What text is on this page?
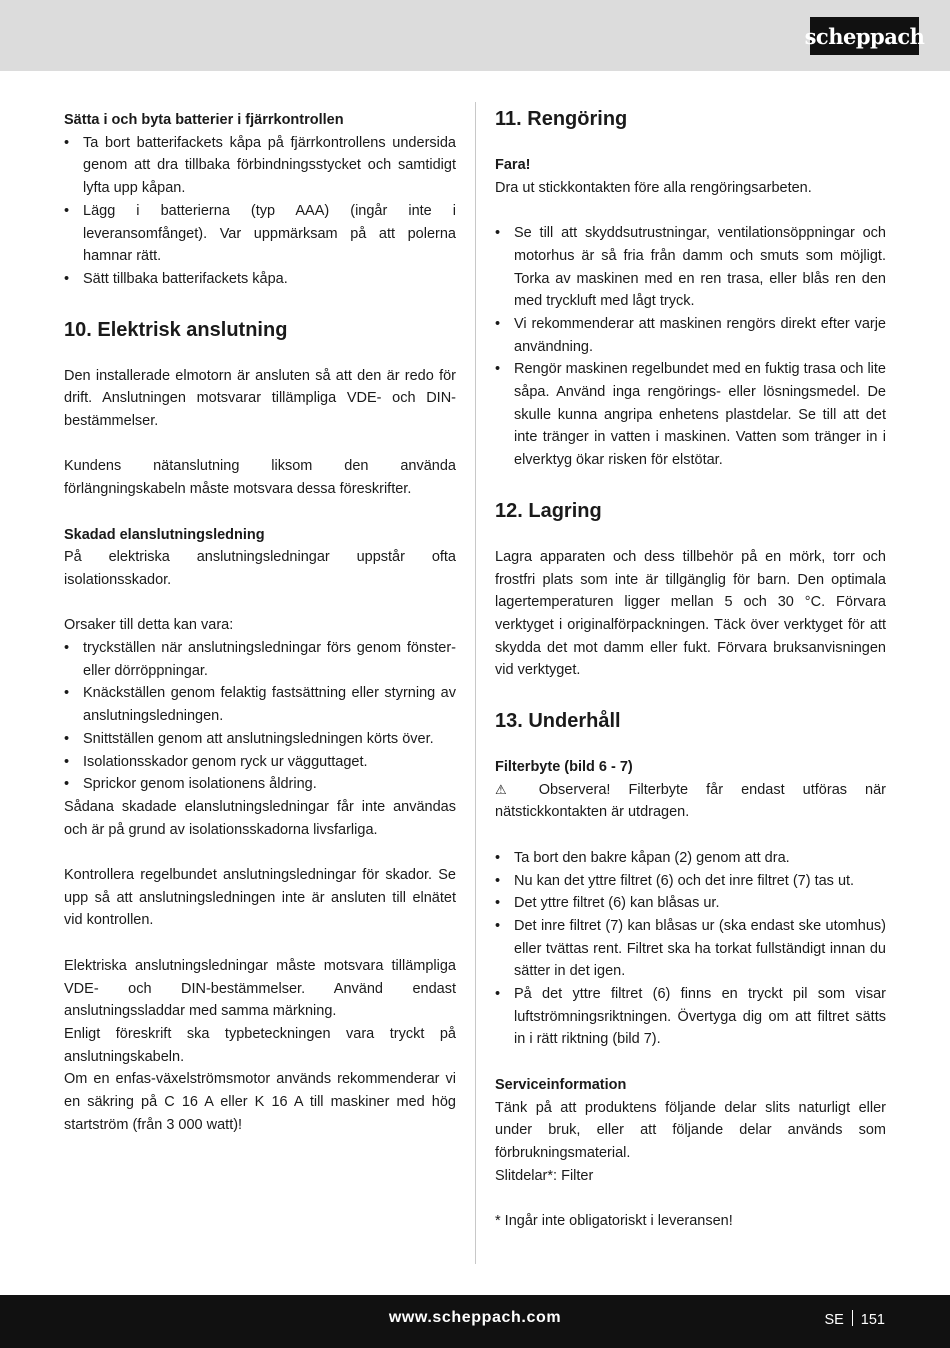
scheppach
Sätta i och byta batterier i fjärrkontrollen
• Ta bort batterifackets kåpa på fjärrkontrollens undersida genom att dra tillbaka förbindningsstycket och samtidigt lyfta upp kåpan.
• Lägg i batterierna (typ AAA) (ingår inte i leveransomfånget). Var uppmärksam på att polerna hamnar rätt.
• Sätt tillbaka batterifackets kåpa.
10. Elektrisk anslutning

Den installerade elmotorn är ansluten så att den är redo för drift. Anslutningen motsvarar tillämpliga VDE- och DIN-bestämmelser.

Kundens nätanslutning liksom den använda förlängningskabeln måste motsvara dessa föreskrifter.

Skadad elanslutningsledning

På elektriska anslutningsledningar uppstår ofta isolationsskador.

Orsaker till detta kan vara:

• tryckställen när anslutningsledningar förs genom fönster- eller dörröppningar.
• Knäckställen genom felaktig fastsättning eller styrning av anslutningsledningen.
• Snittställen genom att anslutningsledningen körts över.
• Isolationsskador genom ryck ur vägguttaget.
• Sprickor genom isolationens åldring.

Sådana skadade elanslutningsledningar får inte användas och är på grund av isolationsskadorna livsfarliga.

Kontrollera regelbundet anslutningsledningar för skador. Se upp så att anslutningsledningen inte är ansluten till elnätet vid kontrollen.

Elektriska anslutningsledningar måste motsvara tillämpliga VDE- och DIN-bestämmelser. Använd endast anslutningssladdar med samma märkning.

Enligt föreskrift ska typbeteckningen vara tryckt på anslutningskabeln.

Om en enfas-växelströmsmotor används rekommenderar vi en säkring på C 16 A eller K 16 A till maskiner med hög startström (från 3 000 watt)!

11. Rengöring
Fara!

Dra ut stickkontakten före alla rengöringsarbeten.

• Se till att skyddsutrustningar, ventilationsöppningar och motorhus är så fria från damm och smuts som möjligt. Torka av maskinen med en ren trasa, eller blås ren den med tryckluft med lågt tryck.
• Vi rekommenderar att maskinen rengörs direkt efter varje användning.
• Rengör maskinen regelbundet med en fuktig trasa och lite såpa. Använd inga rengörings- eller lösningsmedel. De skulle kunna angripa enhetens plastdelar. Se till att det inte tränger in vatten i maskinen. Vatten som tränger in i elverktyg ökar risken för elstötar.
12. Lagring

Lagra apparaten och dess tillbehör på en mörk, torr och frostfri plats som inte är tillgänglig för barn. Den optimala lagertemperaturen ligger mellan 5 och 30 °C. Förvara verktyget i originalförpackningen. Täck över verktyget för att skydda det mot damm eller fukt. Förvara bruksanvisningen vid verktyget.

13. Underhåll
Filterbyte (bild 6 - 7)

⚠ Observera! Filterbyte får endast utföras när nätstickkontakten är utdragen.

• Ta bort den bakre kåpan (2) genom att dra.
• Nu kan det yttre filtret (6) och det inre filtret (7) tas ut.
• Det yttre filtret (6) kan blåsas ur.
• Det inre filtret (7) kan blåsas ur (ska endast ske utomhus) eller tvättas rent. Filtret ska ha torkat fullständigt innan du sätter in det igen.
• På det yttre filtret (6) finns en tryckt pil som visar luftströmningsriktningen. Övertyga dig om att filtret sätts in i rätt riktning (bild 7).
Serviceinformation

Tänk på att produktens följande delar slits naturligt eller under bruk, eller att följande delar används som förbrukningsmaterial.

Slitdelar*: Filter

* Ingår inte obligatoriskt i leveransen!

www.scheppach.com	SE 151
